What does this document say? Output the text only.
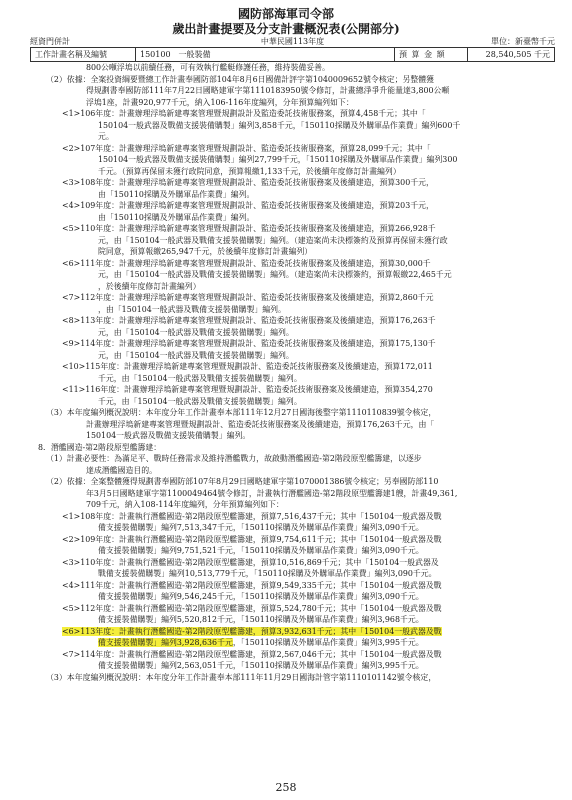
國防部海軍司令部
歲出計畫提要及分支計畫概況表(公開部分)
經資門併計	中華民國113年度	單位：新臺幣千元
工作計畫名稱及編號	150100　一般裝備	預 算 金 額	28,540,505 千元
800公噸浮塢以前續任務，可有效執行艦艇修護任務，維持裝備妥善。
（2）依據：全案投資綱要暨總工作計畫奉國防部104年8月6日國備計評字第1040009652號令核定；另整體獲
得規劃書奉國防部111年7月22日國略建軍字第1110183950號令修訂，計畫總淨爭升能量達3,800公噸
浮塢1座，計畫920,977千元，納入106-116年度編列，分年預算編列如下：
<1>106年度：計畫辦理浮塢新建專案管理暨規劃設計及監造委託技術服務案，預算4,458千元；其中「
150104一般武器及戰備支援裝備購製」編列3,858千元，「150110採購及外購軍品作業費」編列600千
元。
<2>107年度：計畫辦理浮塢新建專案管理暨規劃設計、監造委託技術服務案，預算28,099千元；其中「
150104一般武器及戰備支援裝備購製」編列27,799千元，「150110採購及外購軍品作業費」編列300
千元。（預算再保留未獲行政院同意，預算報繳1,133千元，於後續年度修訂計畫編列）
<3>108年度：計畫辦理浮塢新建專案管理暨規劃設計、監造委託技術服務案及後續建造，預算300千元，
由「150110採購及外購軍品作業費」編列。
<4>109年度：計畫辦理浮塢新建專案管理暨規劃設計、監造委託技術服務案及後續建造，預算203千元，
由「150110採購及外購軍品作業費」編列。
<5>110年度：計畫辦理浮塢新建專案管理暨規劃設計、監造委託技術服務案及後續建造，預算266,928千
元，由「150104一般武器及戰備支援裝備購製」編列。（建造案尚未決標簽約及預算再保留未獲行政
院同意，預算報繳265,947千元，於後續年度修訂計畫編列）
<6>111年度：計畫辦理浮塢新建專案管理暨規劃設計、監造委託技術服務案及後續建造，預算30,000千
元，由「150104一般武器及戰備支援裝備購製」編列。（建造案尚未決標簽約，預算報繳22,465千元
，於後續年度修訂計畫編列）
<7>112年度：計畫辦理浮塢新建專案管理暨規劃設計、監造委託技術服務案及後續建造，預算2,860千元
，由「150104一般武器及戰備支援裝備購製」編列。
<8>113年度：計畫辦理浮塢新建專案管理暨規劃設計、監造委託技術服務案及後續建造，預算176,263千
元，由「150104一般武器及戰備支援裝備購製」編列。
<9>114年度：計畫辦理浮塢新建專案管理暨規劃設計、監造委託技術服務案及後續建造，預算175,130千
元，由「150104一般武器及戰備支援裝備購製」編列。
<10>115年度：計畫辦理浮塢新建專案管理暨規劃設計、監造委託技術服務案及後續建造，預算172,011
千元，由「150104一般武器及戰備支援裝備購製」編列。
<11>116年度：計畫辦理浮塢新建專案管理暨規劃設計、監造委託技術服務案及後續建造，預算354,270
千元，由「150104一般武器及戰備支援裝備購製」編列。
（3）本年度編列概況說明：本年度分年工作計畫奉本部111年12月27日國海後整字第1110110839號令核定，
計畫辦理浮塢新建專案管理暨規劃設計、監造委託技術服務案及後續建造，預算176,263千元，由「
150104一般武器及戰備支援裝備購製」編列。
8．潛艦國造-第2階段原型艦籌建：
（1）計畫必要性：為滿足平、戰時任務需求及維持潛艦戰力，故啟動潛艦國造-第2階段原型艦籌建，以逐步
達成潛艦國造目的。
（2）依據：全案整體獲得規劃書奉國防部107年8月29日國略建軍字第1070001386號令核定；另奉國防部110
年3月5日國略建軍字第1100049464號令修訂，計畫執行潛艦國造-第2階段原型艦籌建1艘，計畫49,361,
709千元，納入108-114年度編列，分年預算編列如下：
<1>108年度：計畫執行潛艦國造-第2階段原型艦籌建，預算7,516,437千元；其中「150104一般武器及戰
備支援裝備購製」編列7,513,347千元，「150110採購及外購軍品作業費」編列3,090千元。
<2>109年度：計畫執行潛艦國造-第2階段原型艦籌建，預算9,754,611千元；其中「150104一般武器及戰
備支援裝備購製」編列9,751,521千元，「150110採購及外購軍品作業費」編列3,090千元。
<3>110年度：計畫執行潛艦國造-第2階段原型艦籌建，預算10,516,869千元；其中「150104一般武器及
戰備支援裝備購製」編列10,513,779千元，「150110採購及外購軍品作業費」編列3,090千元。
<4>111年度：計畫執行潛艦國造-第2階段原型艦籌建，預算9,549,335千元；其中「150104一般武器及戰
備支援裝備購製」編列9,546,245千元，「150110採購及外購軍品作業費」編列3,090千元。
<5>112年度：計畫執行潛艦國造-第2階段原型艦籌建，預算5,524,780千元；其中「150104一般武器及戰
備支援裝備購製」編列5,520,812千元，「150110採購及外購軍品作業費」編列3,968千元。
<6>113年度：計畫執行潛艦國造-第2階段原型艦籌建，預算3,932,631千元；其中「150104一般武器及戰
備支援裝備購製」編列3,928,636千元，「150110採購及外購軍品作業費」編列3,995千元。
<7>114年度：計畫執行潛艦國造-第2階段原型艦籌建，預算2,567,046千元；其中「150104一般武器及戰
備支援裝備購製」編列2,563,051千元，「150110採購及外購軍品作業費」編列3,995千元。
（3）本年度編列概況說明：本年度分年工作計畫奉本部111年11月29日國海計管字第1110101142號令核定，
258
